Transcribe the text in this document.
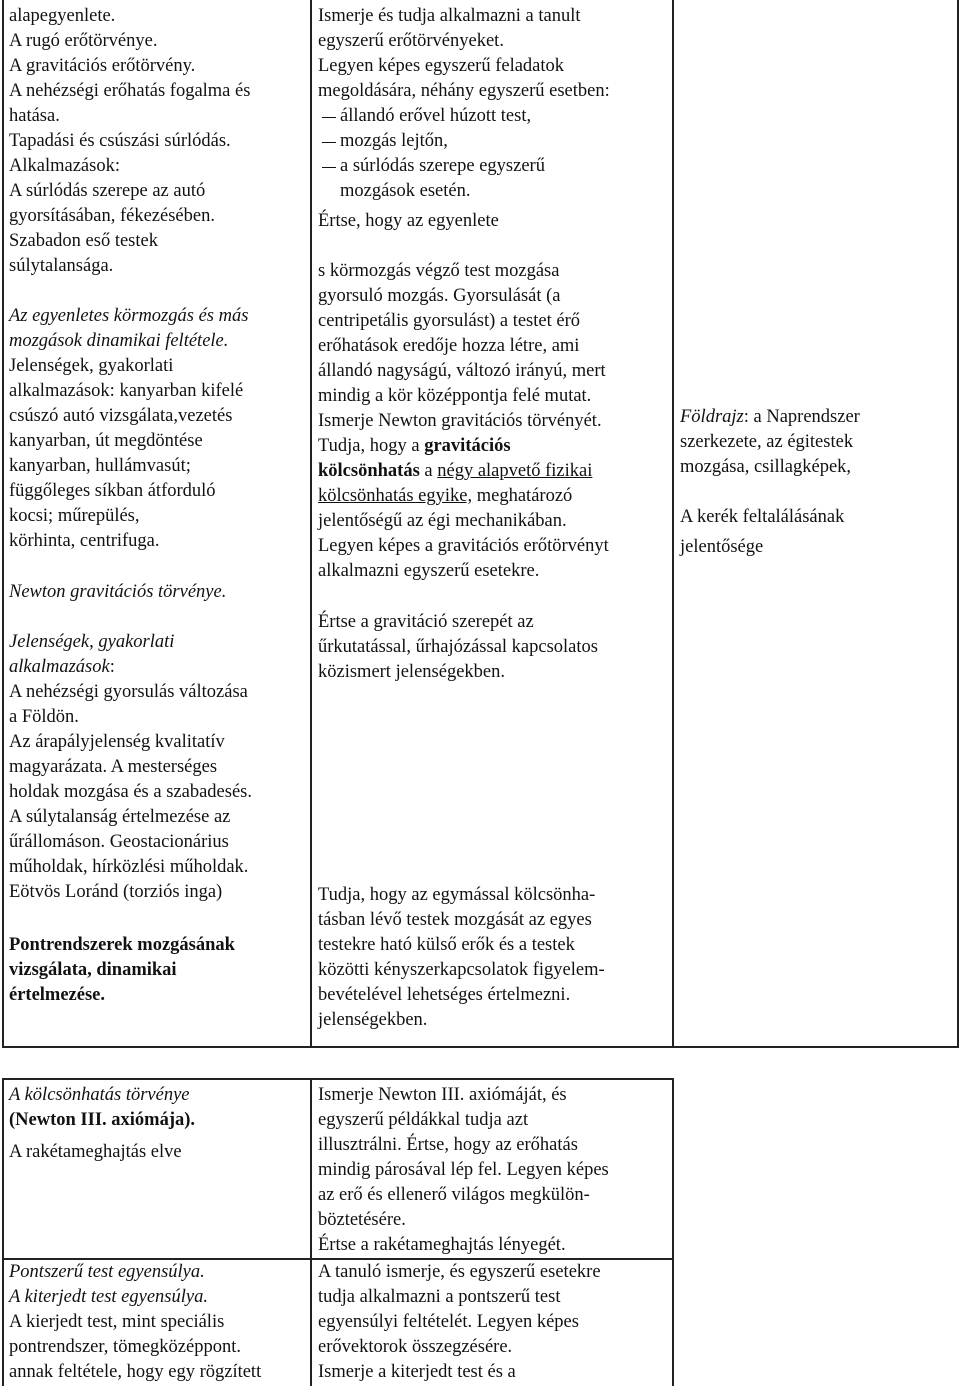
Földrajz: a Naprendszer
szerkezete, az égitestek
mozgása, csillagképek,
A kerék feltalálásának
jelentősége
A kölcsönhatás törvénye
(Newton III. axiómája).
A rakétameghajtás elve
Pontszerű test egyensúlya.
A kiterjedt test egyensúlya.
A kierjedt test, mint speciális
pontrendszer, tömegközéppont.
annak feltétele, hogy egy rögzített
alapegyenlete.
A rugó erőtörvénye.
A gravitációs erőtörvény.
A nehézségi erőhatás fogalma és
hatása.
Tapadási és csúszási súrlódás.
Alkalmazások:
A súrlódás szerepe az autó
gyorsításában, fékezésében.
Szabadon eső testek
súlytalansága.
Az egyenletes körmozgás és más
mozgások dinamikai feltétele.
Jelenségek, gyakorlati
alkalmazások: kanyarban kifelé
csúszó autó vizsgálata,vezetés
kanyarban, út megdöntése
kanyarban, hullámvasút;
függőleges síkban átforduló
kocsi; műrepülés,
körhinta, centrifuga.
Newton gravitációs törvénye.
Jelenségek, gyakorlati
alkalmazások:
A nehézségi gyorsulás változása
a Földön.
Az árapályjelenség kvalitatív
magyarázata. A mesterséges
holdak mozgása és a szabadesés.
A súlytalanság értelmezése az
űrállomáson. Geostacionárius
műholdak, hírközlési műholdak.
Eötvös Loránd (torziós inga)
Pontrendszerek mozgásának
vizsgálata, dinamikai
értelmezése.
Ismerje és tudja alkalmazni a tanult
egyszerű erőtörvényeket.
Legyen képes egyszerű feladatok
megoldására, néhány egyszerű esetben:
állandó erővel húzott test,
mozgás lejtőn,
a súrlódás szerepe egyszerű
mozgások esetén.
Értse, hogy az egyenlete
s körmozgás végző test mozgása
gyorsuló mozgás. Gyorsulását (a
centripetális gyorsulást) a testet érő
erőhatások eredője hozza létre, ami
állandó nagyságú, változó irányú, mert
mindig a kör középpontja felé mutat.
Ismerje Newton gravitációs törvényét.
Tudja, hogy a gravitációs
kölcsönhatás a négy alapvető fizikai
kölcsönhatás egyike, meghatározó
jelentőségű az égi mechanikában.
Legyen képes a gravitációs erőtörvényt
alkalmazni egyszerű esetekre.
Értse a gravitáció szerepét az
űrkutatással, űrhajózással kapcsolatos
közismert jelenségekben.
Tudja, hogy az egymással kölcsönha-
tásban lévő testek mozgását az egyes
testekre ható külső erők és a testek
közötti kényszerkapcsolatok figyelem-
bevételével lehetséges értelmezni.
jelenségekben.
Ismerje Newton III. axiómáját, és
egyszerű példákkal tudja azt
illusztrálni. Értse, hogy az erőhatás
mindig párosával lép fel. Legyen képes
az erő és ellenerő világos megkülön-
böztetésére.
Értse a rakétameghajtás lényegét.
A tanuló ismerje, és egyszerű esetekre
tudja alkalmazni a pontszerű test
egyensúlyi feltételét. Legyen képes
erővektorok összegzésére.
Ismerje a kiterjedt test és a
